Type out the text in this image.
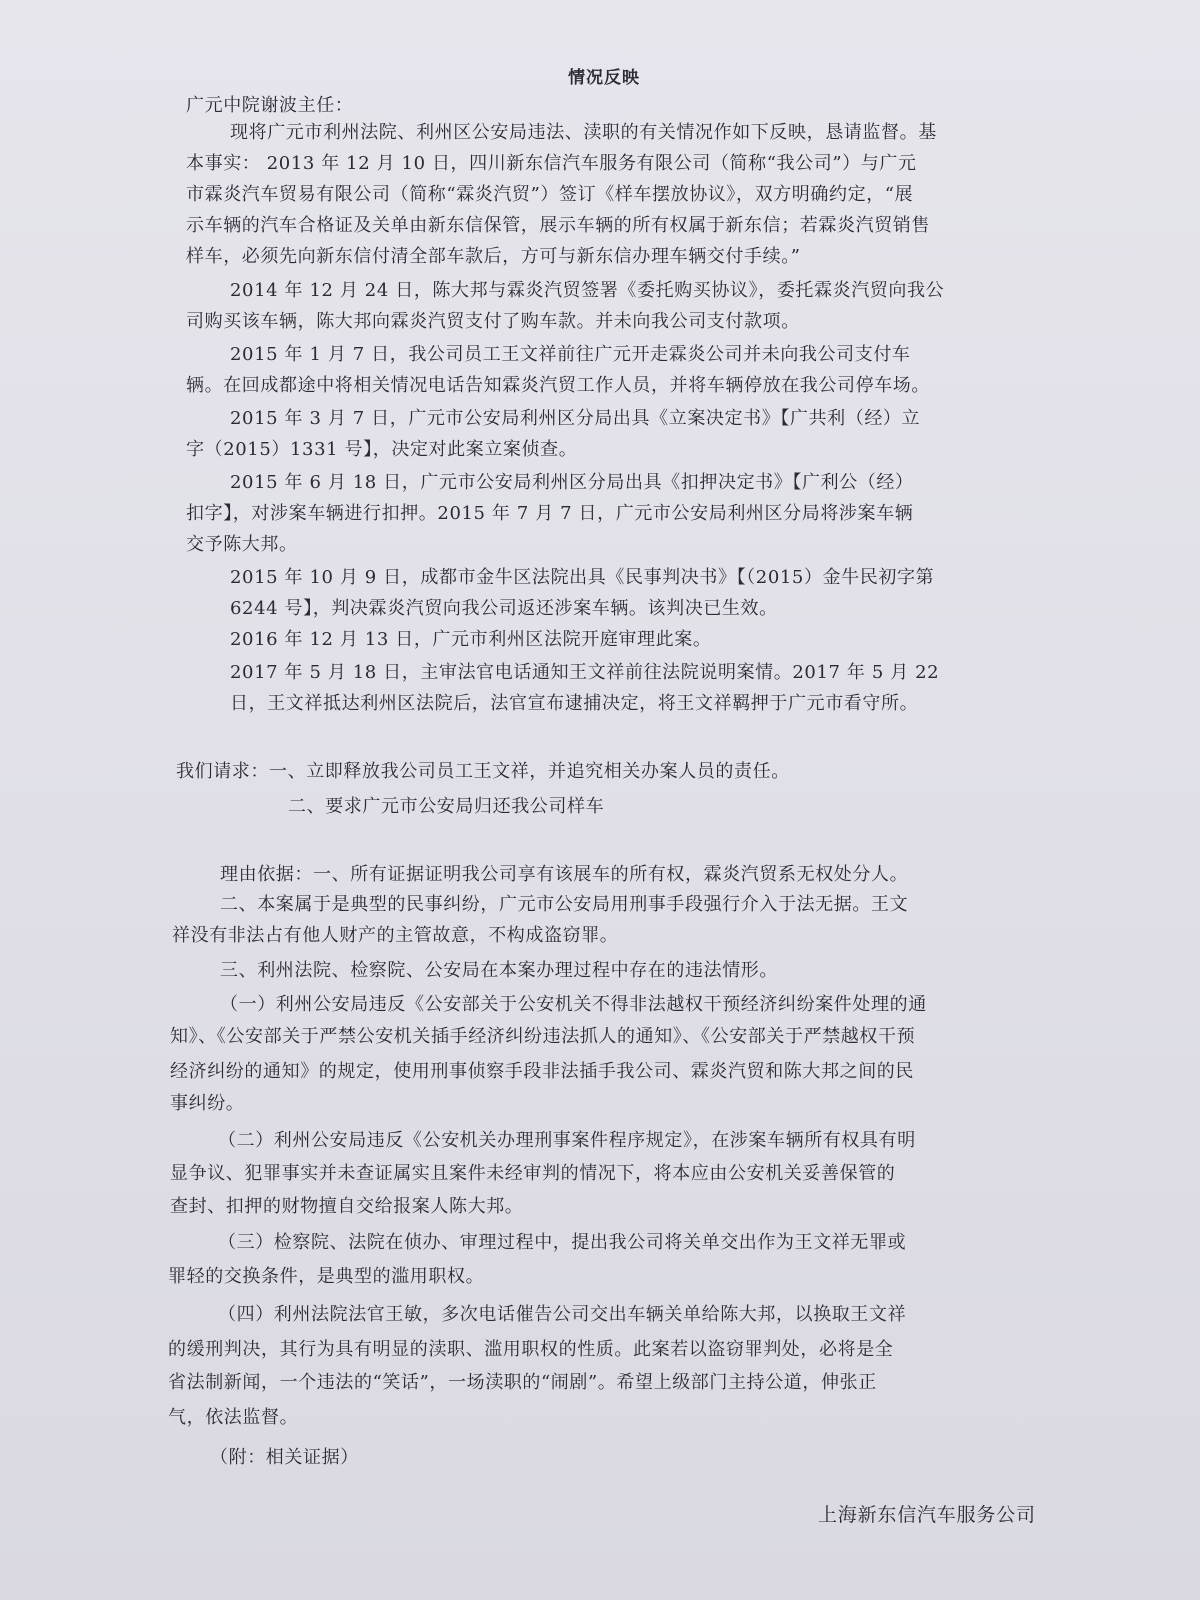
情况反映
广元中院谢波主任：
现将广元市利州法院、利州区公安局违法、渎职的有关情况作如下反映，恳请监督。基
本事实： 2013 年 12 月 10 日，四川新东信汽车服务有限公司（简称“我公司”）与广元
市霖炎汽车贸易有限公司（简称“霖炎汽贸”）签订《样车摆放协议》，双方明确约定，“展
示车辆的汽车合格证及关单由新东信保管，展示车辆的所有权属于新东信；若霖炎汽贸销售
样车，必须先向新东信付清全部车款后，方可与新东信办理车辆交付手续。”
2014 年 12 月 24 日，陈大邦与霖炎汽贸签署《委托购买协议》，委托霖炎汽贸向我公
司购买该车辆，陈大邦向霖炎汽贸支付了购车款。并未向我公司支付款项。
2015 年 1 月 7 日，我公司员工王文祥前往广元开走霖炎公司并未向我公司支付车
辆。在回成都途中将相关情况电话告知霖炎汽贸工作人员，并将车辆停放在我公司停车场。
2015 年 3 月 7 日，广元市公安局利州区分局出具《立案决定书》【广共利（经）立
字（2015）1331 号】，决定对此案立案侦查。
2015 年 6 月 18 日，广元市公安局利州区分局出具《扣押决定书》【广利公（经）
扣字】，对涉案车辆进行扣押。2015 年 7 月 7 日，广元市公安局利州区分局将涉案车辆
交予陈大邦。
2015 年 10 月 9 日，成都市金牛区法院出具《民事判决书》【（2015）金牛民初字第
6244 号】，判决霖炎汽贸向我公司返还涉案车辆。该判决已生效。
2016 年 12 月 13 日，广元市利州区法院开庭审理此案。
2017 年 5 月 18 日，主审法官电话通知王文祥前往法院说明案情。2017 年 5 月 22
日，王文祥抵达利州区法院后，法官宣布逮捕决定，将王文祥羁押于广元市看守所。
我们请求：一、立即释放我公司员工王文祥，并追究相关办案人员的责任。
二、要求广元市公安局归还我公司样车
理由依据：一、所有证据证明我公司享有该展车的所有权，霖炎汽贸系无权处分人。
二、本案属于是典型的民事纠纷，广元市公安局用刑事手段强行介入于法无据。王文
祥没有非法占有他人财产的主管故意，不构成盗窃罪。
三、利州法院、检察院、公安局在本案办理过程中存在的违法情形。
（一）利州公安局违反《公安部关于公安机关不得非法越权干预经济纠纷案件处理的通
知》、《公安部关于严禁公安机关插手经济纠纷违法抓人的通知》、《公安部关于严禁越权干预
经济纠纷的通知》的规定，使用刑事侦察手段非法插手我公司、霖炎汽贸和陈大邦之间的民
事纠纷。
（二）利州公安局违反《公安机关办理刑事案件程序规定》，在涉案车辆所有权具有明
显争议、犯罪事实并未查证属实且案件未经审判的情况下，将本应由公安机关妥善保管的
查封、扣押的财物擅自交给报案人陈大邦。
（三）检察院、法院在侦办、审理过程中，提出我公司将关单交出作为王文祥无罪或
罪轻的交换条件，是典型的滥用职权。
（四）利州法院法官王敏，多次电话催告公司交出车辆关单给陈大邦，以换取王文祥
的缓刑判决，其行为具有明显的渎职、滥用职权的性质。此案若以盗窃罪判处，必将是全
省法制新闻，一个违法的“笑话”，一场渎职的“闹剧”。希望上级部门主持公道，伸张正
气，依法监督。
（附：相关证据）
上海新东信汽车服务公司
